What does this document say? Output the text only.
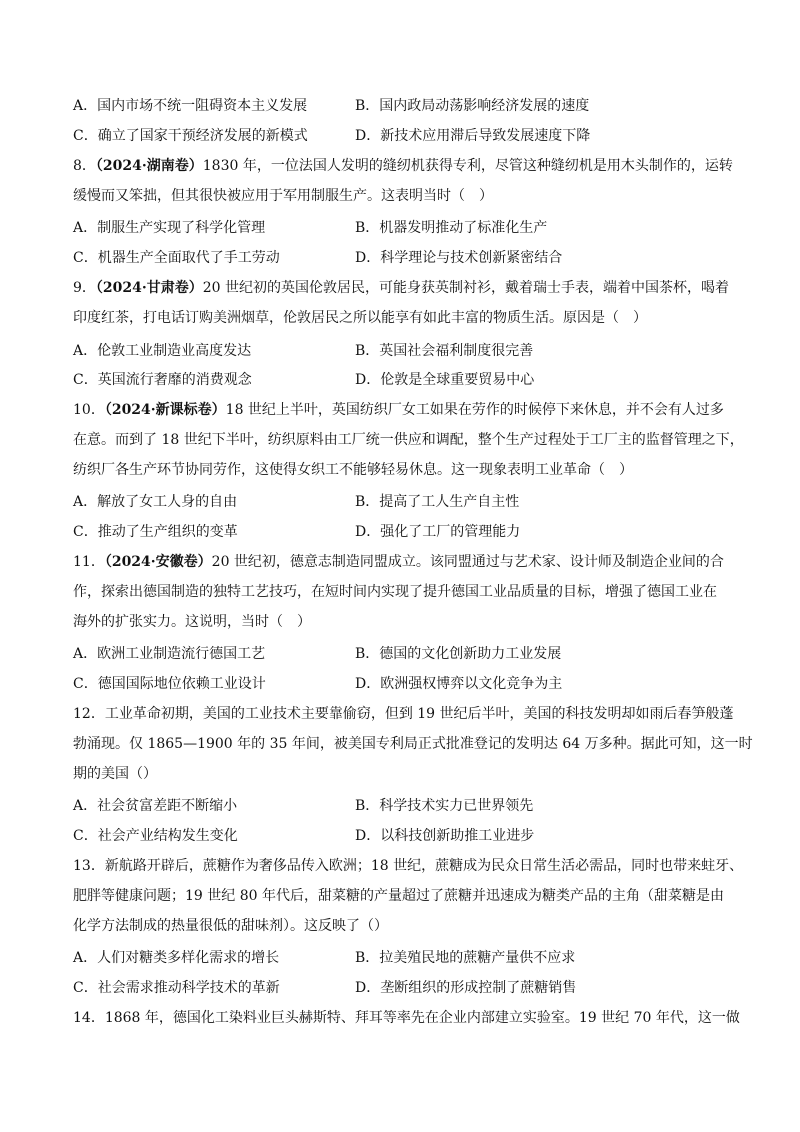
A．国内市场不统一阻碍资本主义发展	B．国内政局动荡影响经济发展的速度
C．确立了国家干预经济发展的新模式	D．新技术应用滞后导致发展速度下降
8．（2024·湖南卷）1830 年，一位法国人发明的缝纫机获得专利，尽管这种缝纫机是用木头制作的，运转
缓慢而又笨拙，但其很快被应用于军用制服生产。这表明当时（　）
A．制服生产实现了科学化管理	B．机器发明推动了标准化生产
C．机器生产全面取代了手工劳动	D．科学理论与技术创新紧密结合
9．（2024·甘肃卷）20 世纪初的英国伦敦居民，可能身获英制衬衫，戴着瑞士手表，端着中国茶杯，喝着
印度红茶，打电话订购美洲烟草，伦敦居民之所以能享有如此丰富的物质生活。原因是（　）
A．伦敦工业制造业高度发达	B．英国社会福利制度很完善
C．英国流行奢靡的消费观念	D．伦敦是全球重要贸易中心
10．（2024·新课标卷）18 世纪上半叶，英国纺织厂女工如果在劳作的时候停下来休息，并不会有人过多
在意。而到了 18 世纪下半叶，纺织原料由工厂统一供应和调配，整个生产过程处于工厂主的监督管理之下，
纺织厂各生产环节协同劳作，这使得女织工不能够轻易休息。这一现象表明工业革命（　）
A．解放了女工人身的自由	B．提高了工人生产自主性
C．推动了生产组织的变革	D．强化了工厂的管理能力
11．（2024·安徽卷）20 世纪初，德意志制造同盟成立。该同盟通过与艺术家、设计师及制造企业间的合
作，探索出德国制造的独特工艺技巧，在短时间内实现了提升德国工业品质量的目标，增强了德国工业在
海外的扩张实力。这说明，当时（　）
A．欧洲工业制造流行德国工艺	B．德国的文化创新助力工业发展
C．德国国际地位依赖工业设计	D．欧洲强权博弈以文化竞争为主
12．工业革命初期，美国的工业技术主要靠偷窃，但到 19 世纪后半叶，美国的科技发明却如雨后春笋般蓬
勃涌现。仅 1865—1900 年的 35 年间，被美国专利局正式批准登记的发明达 64 万多种。据此可知，这一时
期的美国（）
A．社会贫富差距不断缩小	B．科学技术实力已世界领先
C．社会产业结构发生变化	D．以科技创新助推工业进步
13．新航路开辟后，蔗糖作为奢侈品传入欧洲；18 世纪，蔗糖成为民众日常生活必需品，同时也带来蛀牙、
肥胖等健康问题；19 世纪 80 年代后，甜菜糖的产量超过了蔗糖并迅速成为糖类产品的主角（甜菜糖是由
化学方法制成的热量很低的甜味剂）。这反映了（）
A．人们对糖类多样化需求的增长	B．拉美殖民地的蔗糖产量供不应求
C．社会需求推动科学技术的革新	D．垄断组织的形成控制了蔗糖销售
14．1868 年，德国化工染料业巨头赫斯特、拜耳等率先在企业内部建立实验室。19 世纪 70 年代，这一做
